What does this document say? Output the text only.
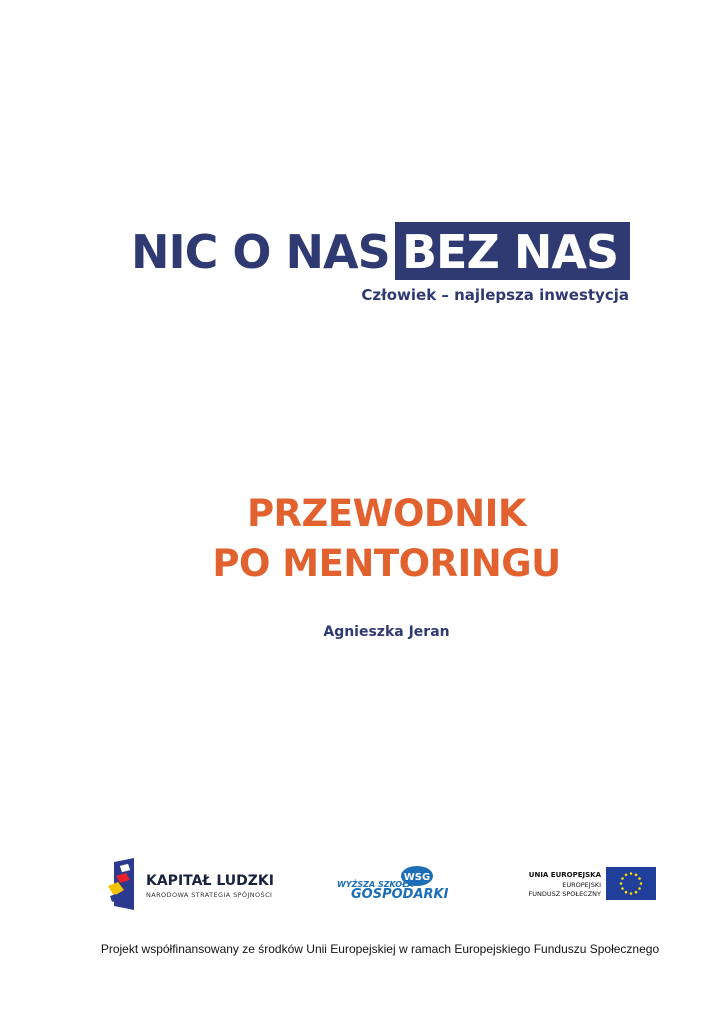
NIC O NAS BEZ NAS
Człowiek – najlepsza inwestycja
PRZEWODNIK
PO MENTORINGU
Agnieszka Jeran
KAPITAŁ LUDZKI
NARODOWA STRATEGIA SPÓJNOŚCI
WSG
WYŻSZA SZKOŁA
GOSPODARKI
UNIA EUROPEJSKA
EUROPEJSKI
FUNDUSZ SPOŁECZNY
Projekt współfinansowany ze środków Unii Europejskiej w ramach Europejskiego Funduszu Społecznego
